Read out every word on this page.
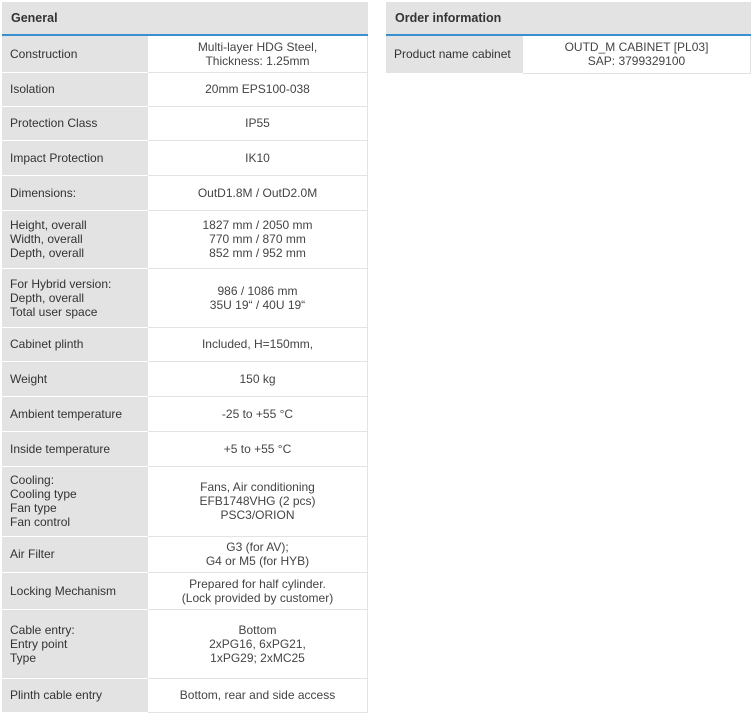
General
Construction	Multi-layer HDG Steel,
Thickness: 1.25mm

Isolation	20mm EPS100-038

Protection Class	IP55

Impact Protection	IK10

Dimensions:	OutD1.8M / OutD2.0M

Height, overall
Width, overall
Depth, overall	1827 mm / 2050 mm
770 mm / 870 mm
852 mm / 952 mm

For Hybrid version:
Depth, overall
Total user space	986 / 1086 mm
35U 19“ / 40U 19“

Cabinet plinth	Included, H=150mm,

Weight	150 kg

Ambient temperature	-25 to +55 °C

Inside temperature	+5 to +55 °C

Cooling:
Cooling type
Fan type
Fan control	Fans, Air conditioning
EFB1748VHG (2 pcs)
PSC3/ORION

Air Filter	G3 (for AV);
G4 or M5 (for HYB)

Locking Mechanism	Prepared for half cylinder.
(Lock provided by customer)

Cable entry:
Entry point
Type	Bottom
2xPG16, 6xPG21,
1xPG29; 2xMC25

Plinth cable entry	Bottom, rear and side access
Order information
Product name cabinet	OUTD_M CABINET [PL03]
SAP: 3799329100
